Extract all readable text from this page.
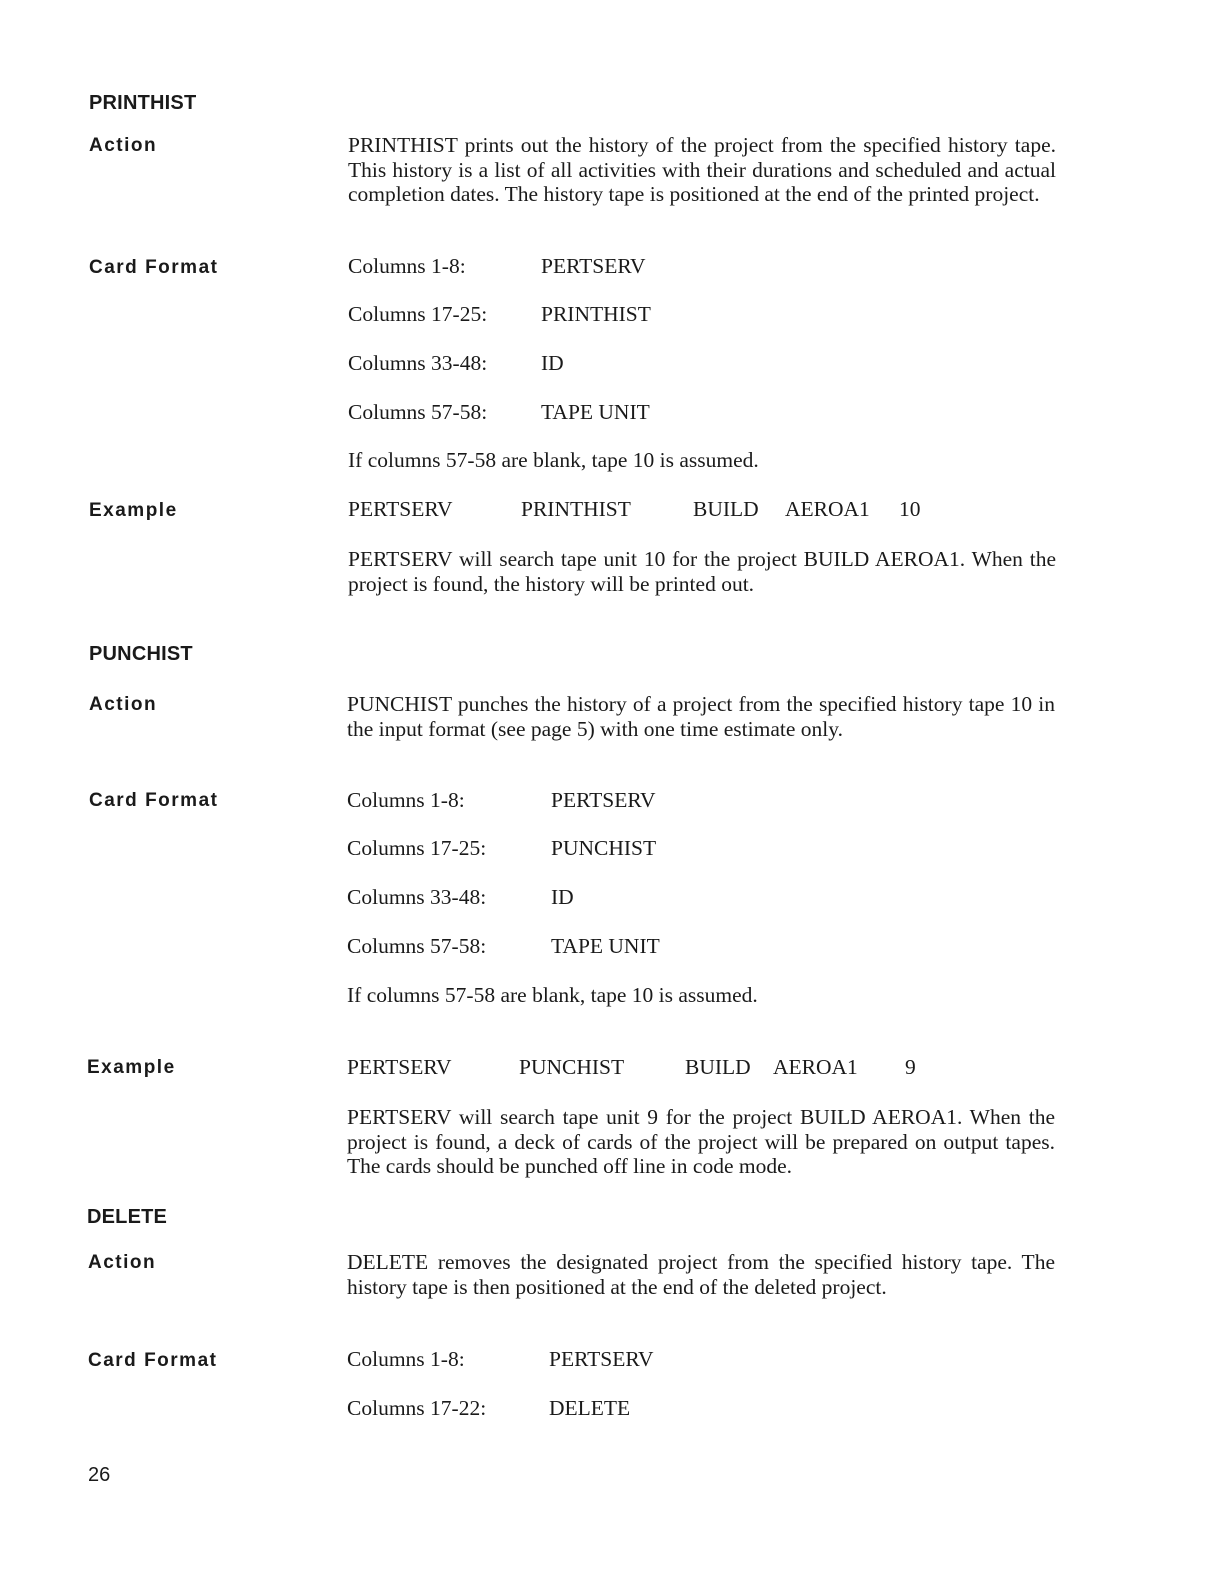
PRINTHIST
Action	PRINTHIST prints out the history of the project from the specified history tape. This history is a list of all activities with their durations and scheduled and actual completion dates. The history tape is positioned at the end of the printed project.
Card Format	Columns 1-8:	PERTSERV
Columns 17-25:	PRINTHIST
Columns 33-48:	ID
Columns 57-58:	TAPE UNIT
If columns 57-58 are blank, tape 10 is assumed.
Example	PERTSERV	PRINTHIST	BUILD AEROA1 10
PERTSERV will search tape unit 10 for the project BUILD AEROA1. When the project is found, the history will be printed out.
PUNCHIST
Action	PUNCHIST punches the history of a project from the specified history tape 10 in the input format (see page 5) with one time estimate only.
Card Format	Columns 1-8:	PERTSERV
Columns 17-25:	PUNCHIST
Columns 33-48:	ID
Columns 57-58:	TAPE UNIT
If columns 57-58 are blank, tape 10 is assumed.
Example	PERTSERV	PUNCHIST	BUILD AEROA1 9
PERTSERV will search tape unit 9 for the project BUILD AEROA1. When the project is found, a deck of cards of the project will be prepared on output tapes. The cards should be punched off line in code mode.
DELETE
Action	DELETE removes the designated project from the specified history tape. The history tape is then positioned at the end of the deleted project.
Card Format	Columns 1-8:	PERTSERV
Columns 17-22:	DELETE
26
